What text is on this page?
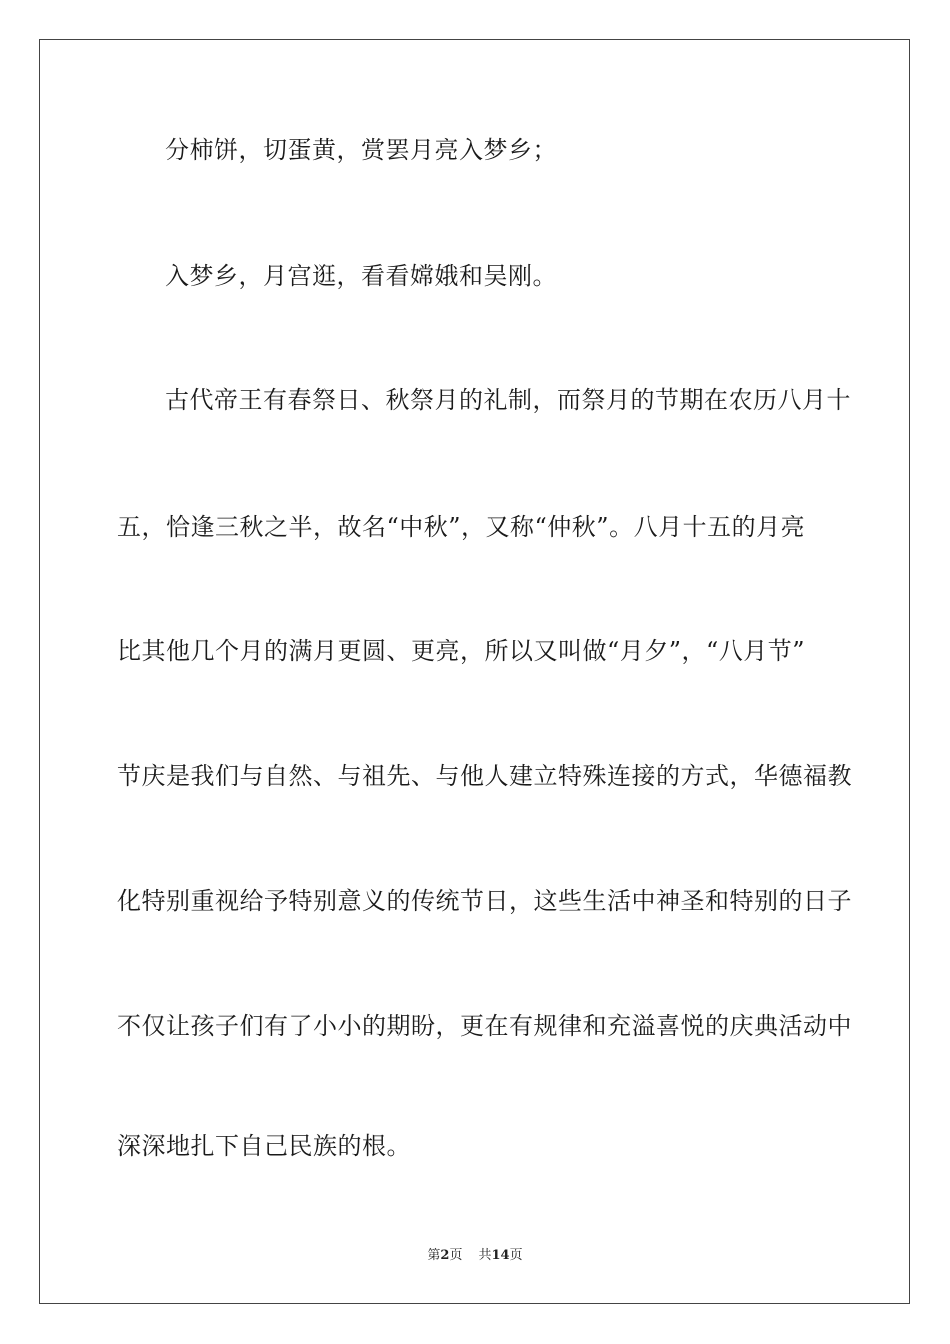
分柿饼，切蛋黄，赏罢月亮入梦乡；
入梦乡，月宫逛，看看嫦娥和吴刚。
古代帝王有春祭日、秋祭月的礼制，而祭月的节期在农历八月十
五，恰逢三秋之半，故名“中秋”，又称“仲秋”。八月十五的月亮
比其他几个月的满月更圆、更亮，所以又叫做“月夕”，“八月节”
节庆是我们与自然、与祖先、与他人建立特殊连接的方式，华德福教
化特别重视给予特别意义的传统节日，这些生活中神圣和特别的日子
不仅让孩子们有了小小的期盼，更在有规律和充溢喜悦的庆典活动中
深深地扎下自己民族的根。
第2页 共14页
